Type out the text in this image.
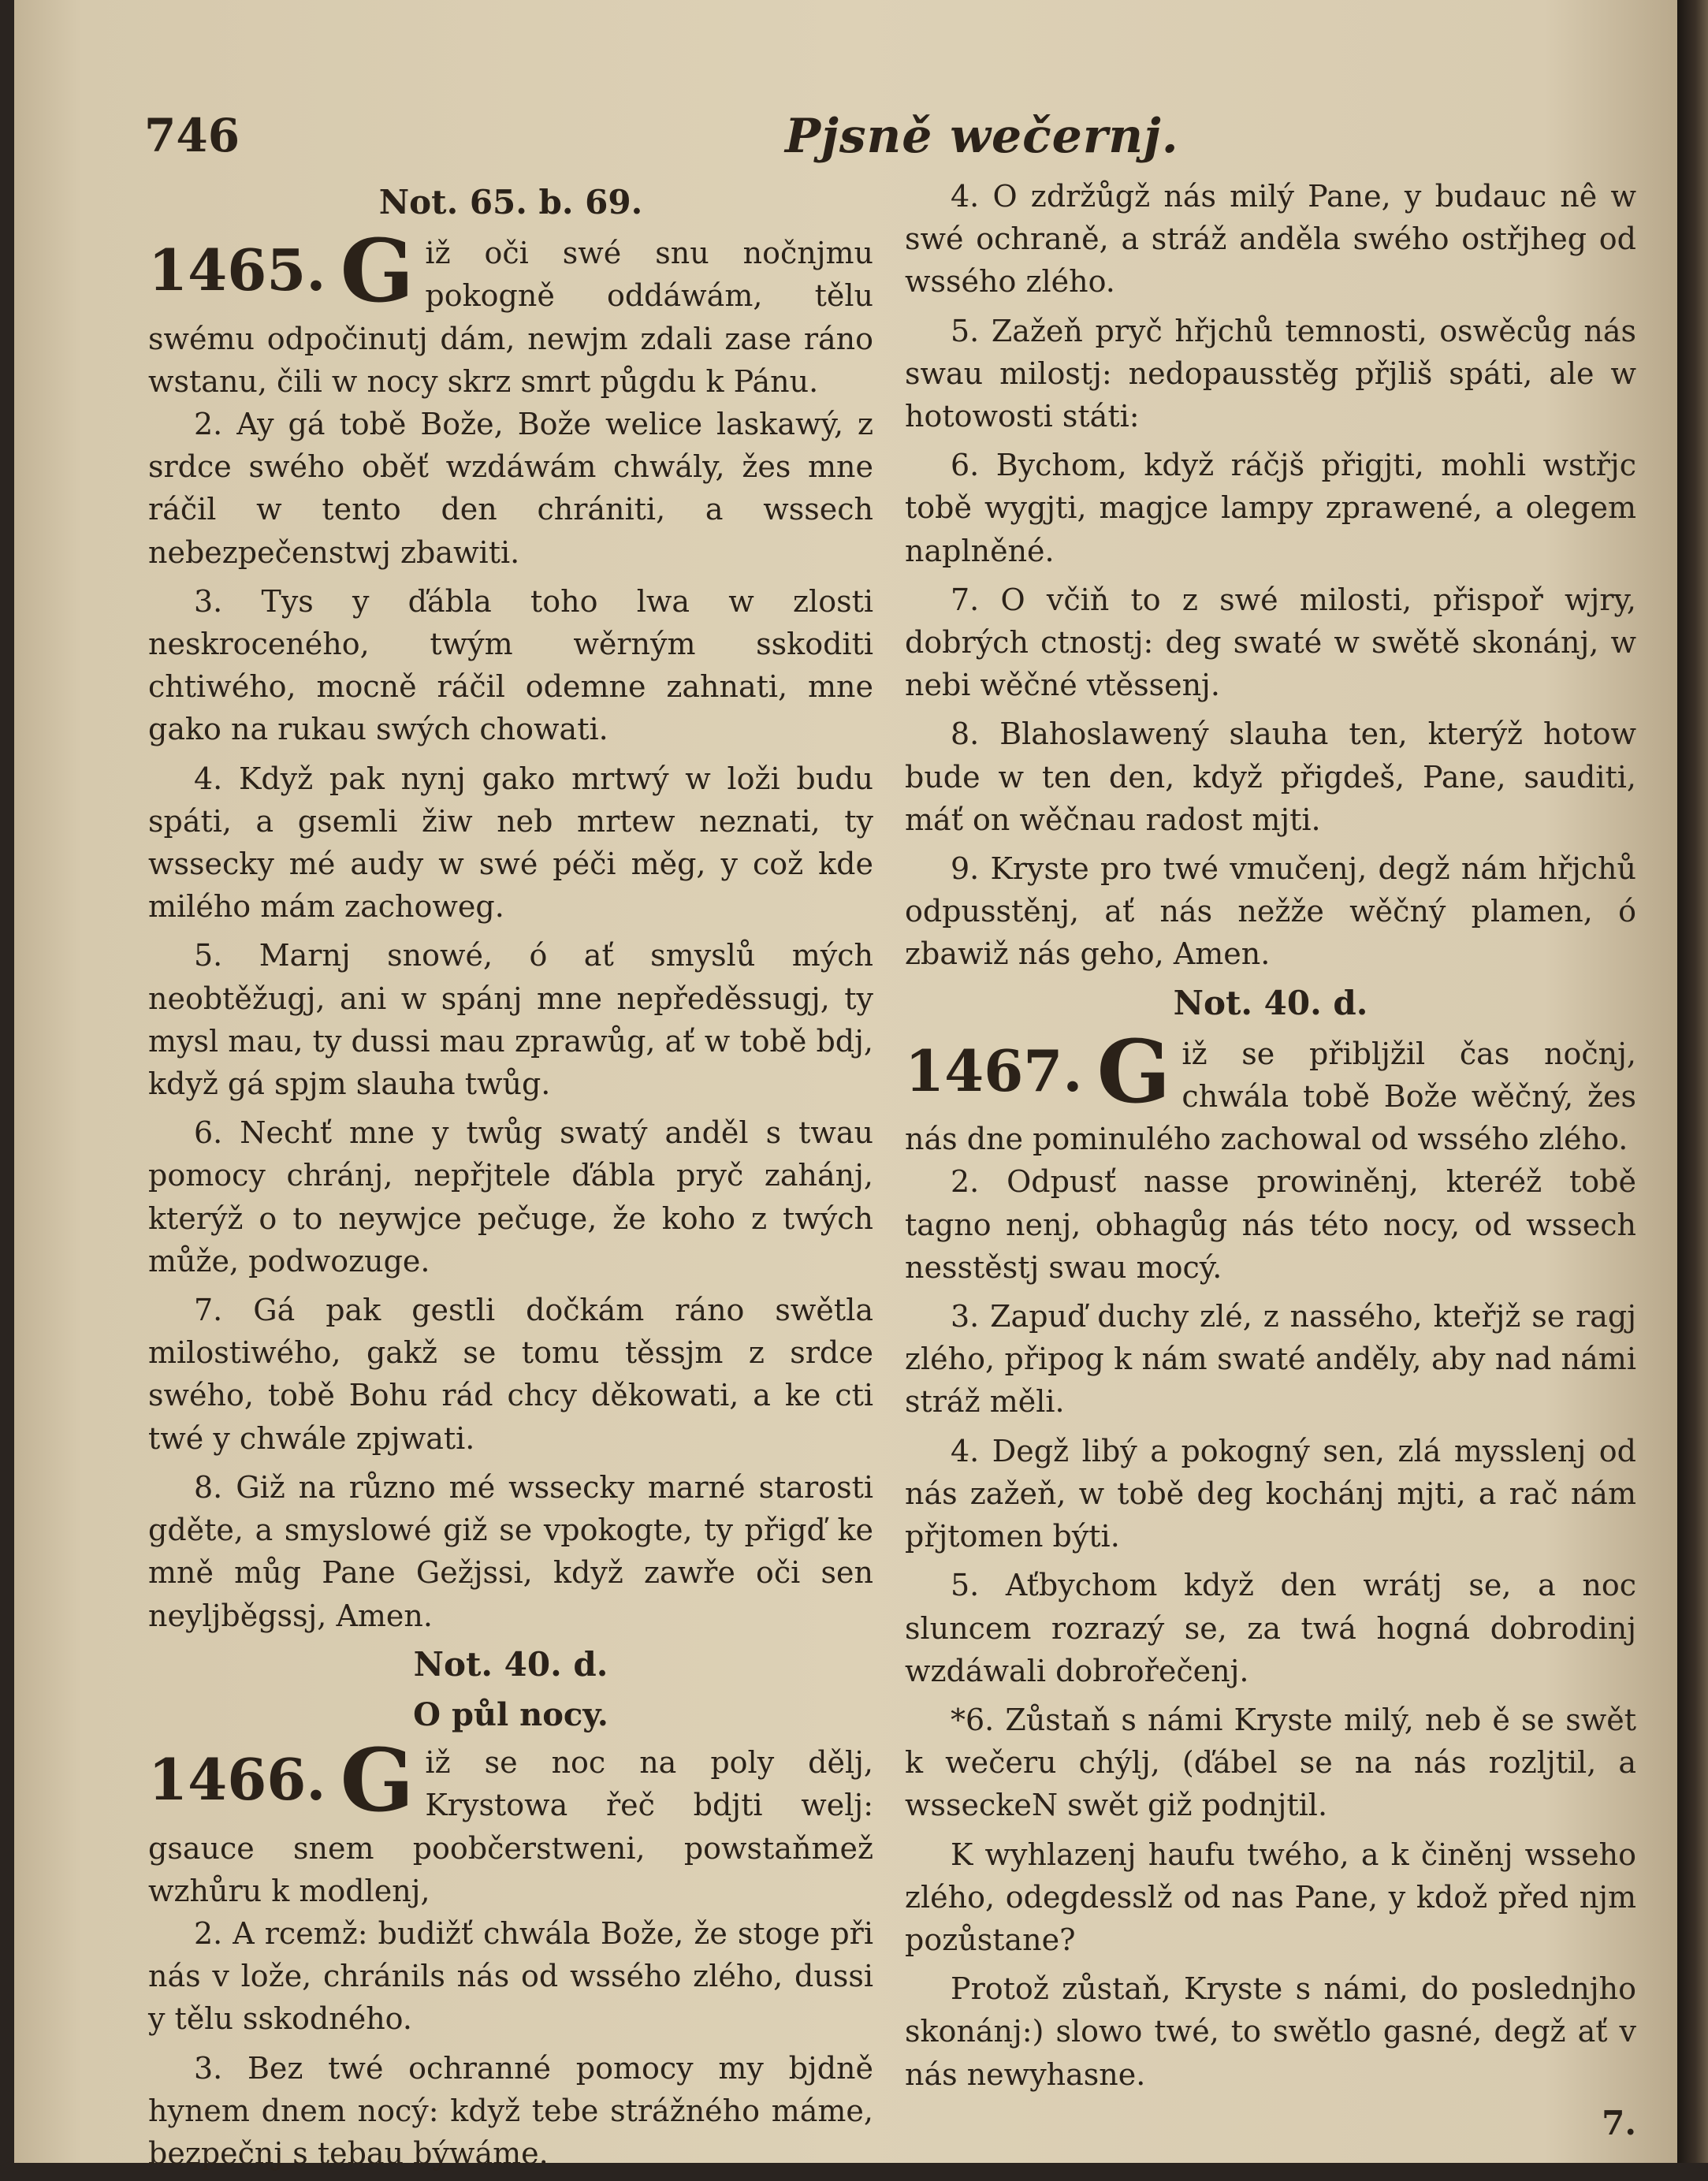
746	Pjsně wečernj.
Not. 65. b. 69.
1465. G iž oči swé snu nočnjmu pokogně oddáwám, tělu swému odpočinutj dám, newjm zdali zase ráno wstanu, čili w nocy skrz smrt půgdu k Pánu.

2. Ay gá tobě Bože, Bože welice laskawý, z srdce swého oběť wzdáwám chwály, žes mne ráčil w tento den chrániti, a wssech nebezpečenstwj zbawiti.

3. Tys y ďábla toho lwa w zlosti neskroceného, twým wěrným sskoditi chtiwého, mocně ráčil odemne zahnati, mne gako na rukau swých chowati.

4. Když pak nynj gako mrtwý w loži budu spáti, a gsemli žiw neb mrtew neznati, ty wssecky mé audy w swé péči měg, y což kde milého mám zachoweg.

5. Marnj snowé, ó ať smyslů mých neobtěžugj, ani w spánj mne nepředěssugj, ty mysl mau, ty dussi mau zprawůg, ať w tobě bdj, když gá spjm slauha twůg.

6. Nechť mne y twůg swatý anděl s twau pomocy chránj, nepřjtele ďábla pryč zahánj, kterýž o to neywjce pečuge, že koho z twých může, podwozuge.

7. Gá pak gestli dočkám ráno swětla milostiwého, gakž se tomu těssjm z srdce swého, tobě Bohu rád chcy děkowati, a ke cti twé y chwále zpjwati.

8. Giž na různo mé wssecky marné starosti gděte, a smyslowé giž se vpokogte, ty přigď ke mně můg Pane Gežjssi, když zawře oči sen neyljběgssj, Amen.

Not. 40. d.
O půl nocy.
1466. G iž se noc na poly dělj, Krystowa řeč bdjti welj: gsauce snem poobčerstweni, powstaňmež wzhůru k modlenj,

2. A rcemž: budižť chwála Bože, že stoge při nás v lože, chránils nás od wssého zlého, dussi y tělu sskodného.

3. Bez twé ochranné pomocy my bjdně hynem dnem nocý: když tebe strážného máme, bezpečnj s tebau býwáme.

4. O zdržůgž nás milý Pane, y budauc nê w swé ochraně, a stráž anděla swého ostřjheg od wssého zlého.

5. Zažeň pryč hřjchů temnosti, oswěcůg nás swau milostj: nedopausstěg přjliš spáti, ale w hotowosti státi:

6. Bychom, když ráčjš přigjti, mohli wstřjc tobě wygjti, magjce lampy zprawené, a olegem naplněné.

7. O včiň to z swé milosti, přispoř wjry, dobrých ctnostj: deg swaté w swětě skonánj, w nebi wěčné vtěssenj.

8. Blahoslawený slauha ten, kterýž hotow bude w ten den, když přigdeš, Pane, sauditi, máť on wěčnau radost mjti.

9. Kryste pro twé vmučenj, degž nám hřjchů odpusstěnj, ať nás nežže wěčný plamen, ó zbawiž nás geho, Amen.

Not. 40. d.
1467. G iž se přibljžil čas nočnj, chwála tobě Bože wěčný, žes nás dne pominulého zachowal od wssého zlého.

2. Odpusť nasse prowiněnj, kteréž tobě tagno nenj, obhagůg nás této nocy, od wssech nesstěstj swau mocý.

3. Zapuď duchy zlé, z nassého, kteřjž se ragj zlého, připog k nám swaté anděly, aby nad námi stráž měli.

4. Degž libý a pokogný sen, zlá mysslenj od nás zažeň, w tobě deg kochánj mjti, a rač nám přjtomen býti.

5. Aťbychom když den wrátj se, a noc sluncem rozrazý se, za twá hogná dobrodinj wzdáwali dobrořečenj.

*6. Zůstaň s námi Kryste milý, neb ě se swět k wečeru chýlj, (ďábel se na nás rozljtil, a wsseckeN swět giž podnjtil.

K wyhlazenj haufu twého, a k činěnj wsseho zlého, odegdesslž od nas Pane, y kdož před njm pozůstane?

Protož zůstaň, Kryste s námi, do poslednjho skonánj:) slowo twé, to swětlo gasné, degž ať v nás newyhasne.

7.
